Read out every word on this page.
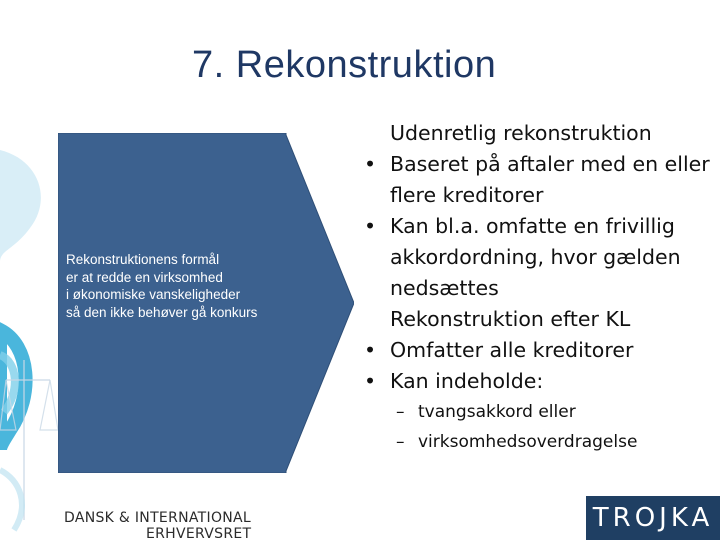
7. Rekonstruktion
Rekonstruktionens formål
er at redde en virksomhed
i økonomiske vanskeligheder
så den ikke behøver gå konkurs
Udenretlig rekonstruktion
• Baseret på aftaler med en eller flere kreditorer
• Kan bl.a. omfatte en frivillig akkordordning, hvor gælden nedsættes
Rekonstruktion efter KL
• Omfatter alle kreditorer
• Kan indeholde:
– tvangsakkord eller
– virksomhedsoverdragelse
DANSK & INTERNATIONAL
ERHVERVSRET
TROJKA
